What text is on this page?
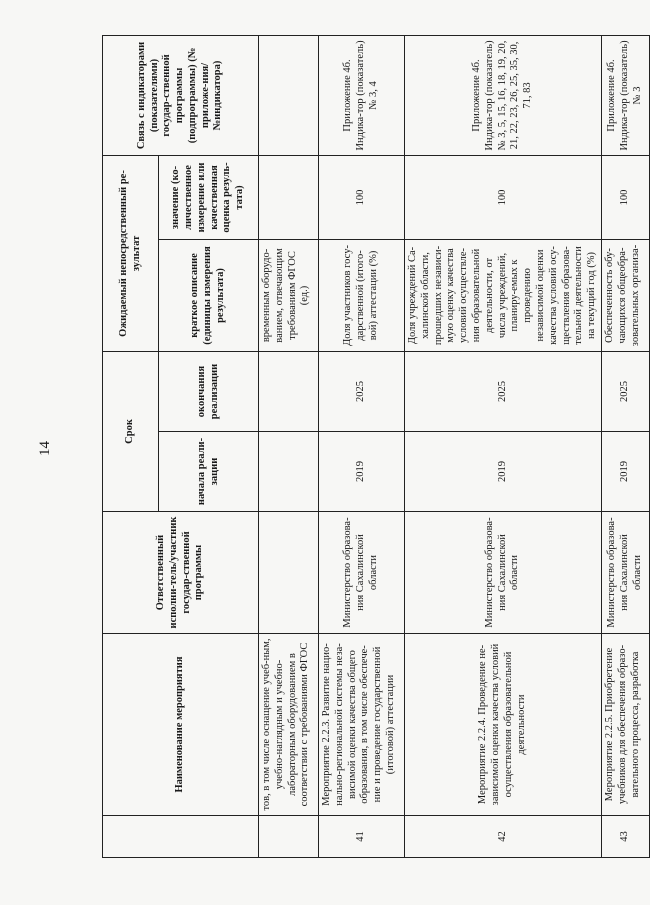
14
	Наименование мероприятия	Ответственный исполни-тель/участник государ-ственной программы	Срок		Ожидаемый непосредственный ре-зультат		Связь с индикаторами (показателями) государ-ственной программы (подпрограммы) (№ приложе-ния/№индикатора)
			начала реали-зации	окончания реализации	краткое описание (единицы измерения результата)	значение (ко-личественное измерение или качественная оценка резуль-тата)	
	тов, в том числе оснащение учеб-ным, учебно-наглядным и учебно-лабораторным оборудованием в соответствии с требованиями ФГОС				временным оборудо-ванием, отвечающим требованиям ФГОС (ед.)		
41	Мероприятие 2.2.3. Развитие нацио-нально-региональной системы неза-висимой оценки качества общего образования, в том числе обеспече-ние и проведение государственной (итоговой) аттестации	Министерство образова-ния Сахалинской области	2019	2025	Доля участников госу-дарственной (итого-вой) аттестации (%)	100	Приложение 4б. Индика-тор (показатель) № 3, 4
42	Мероприятие 2.2.4. Проведение не-зависимой оценки качества условий осуществления образовательной деятельности	Министерство образова-ния Сахалинской области	2019	2025	Доля учреждений Са-халинской области, прошедших независи-мую оценку качества условий осуществле-ния образовательной деятельности, от числа учреждений, планиру-емых к проведению независимой оценки качества условий осу-ществления образова-тельной деятельности на текущий год (%)	100	Приложение 4б. Индика-тор (показатель) № 3, 5, 15, 16, 18, 19, 20, 21, 22, 23, 26, 25, 35, 30, 71, 83
43	Мероприятие 2.2.5. Приобретение учебников для обеспечения образо-вательного процесса, разработка	Министерство образова-ния Сахалинской области	2019	2025	Обеспеченность обу-чающихся общеобра-зовательных организа-	100	Приложение 4б. Индика-тор (показатель) № 3
